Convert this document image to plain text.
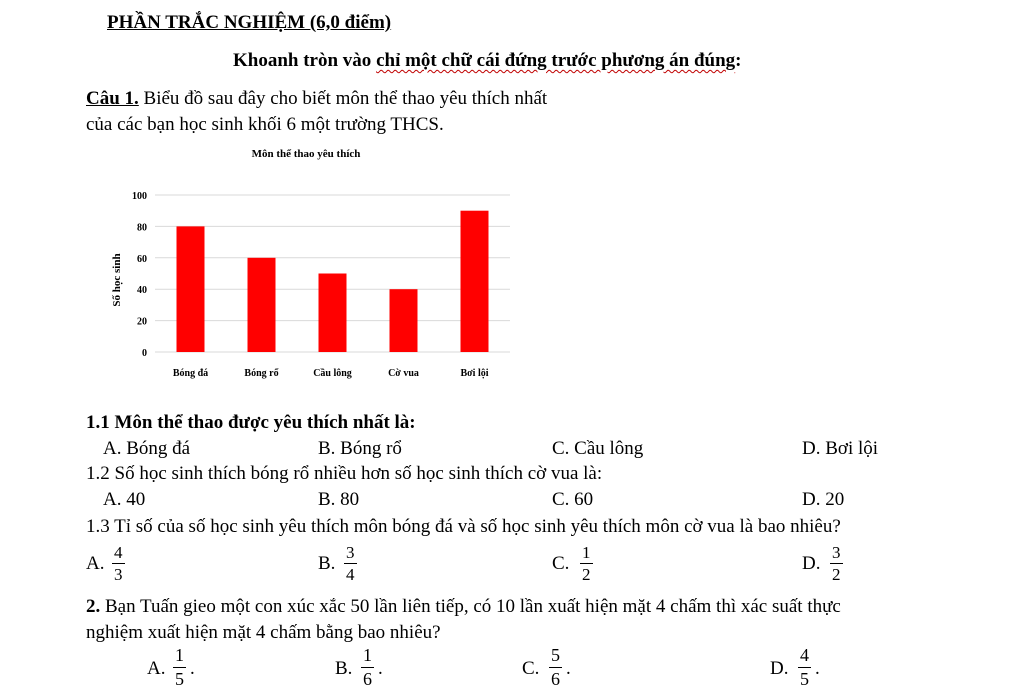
PHẦN TRẮC NGHIỆM (6,0 điểm)
Khoanh tròn vào chỉ một chữ cái đứng trước phương án đúng:
Câu 1. Biểu đồ sau đây cho biết môn thể thao yêu thích nhất
của các bạn học sinh khối 6 một trường THCS.
Môn thể thao yêu thích
Số học sinh
0
20
40
60
80
100
Bóng đá	Bóng rổ	Cầu lông	Cờ vua	Bơi lội
1.1 Môn thể thao được yêu thích nhất là:
A. Bóng đá	B. Bóng rổ	C. Cầu lông	D. Bơi lội
1.2 Số học sinh thích bóng rổ nhiều hơn số học sinh thích cờ vua là:
A. 40	B. 80	C. 60	D. 20
1.3 Tỉ số của số học sinh yêu thích môn bóng đá và số học sinh yêu thích môn cờ vua là bao nhiêu?
A.
4
3
B.
3
4
C.
1
2
D.
3
2
2. Bạn Tuấn gieo một con xúc xắc 50 lần liên tiếp, có 10 lần xuất hiện mặt 4 chấm thì xác suất thực
nghiệm xuất hiện mặt 4 chấm bằng bao nhiêu?
A.
1
5 .	B.
1
6 .	C.
5
6 .	D.
4
5 .
